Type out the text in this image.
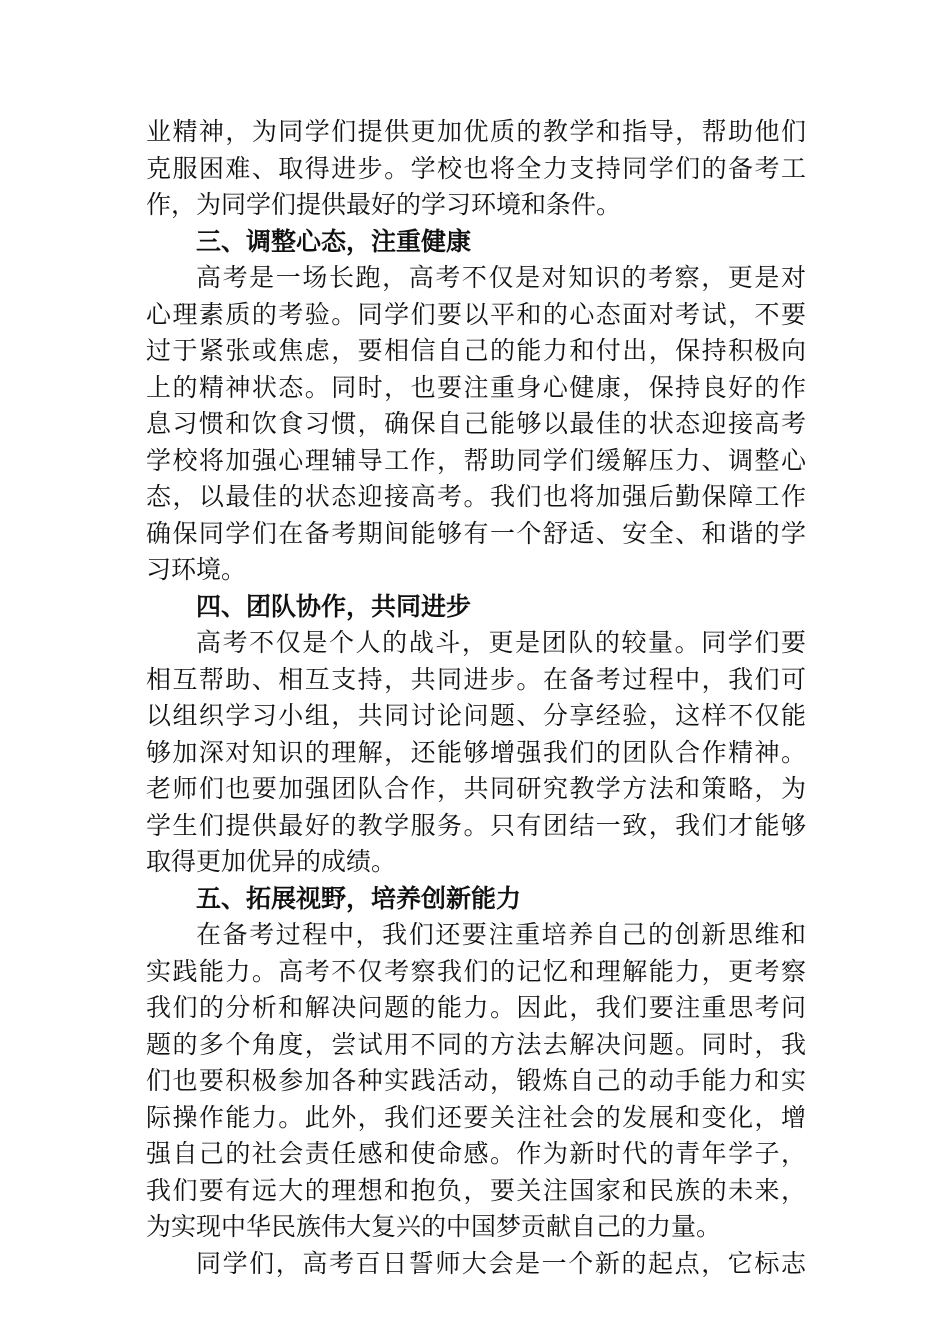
业精神，为同学们提供更加优质的教学和指导，帮助他们
克服困难、取得进步。学校也将全力支持同学们的备考工
作，为同学们提供最好的学习环境和条件。
三、调整心态，注重健康
高考是一场长跑，高考不仅是对知识的考察，更是对
心理素质的考验。同学们要以平和的心态面对考试，不要
过于紧张或焦虑，要相信自己的能力和付出，保持积极向
上的精神状态。同时，也要注重身心健康，保持良好的作
息习惯和饮食习惯，确保自己能够以最佳的状态迎接高考
学校将加强心理辅导工作，帮助同学们缓解压力、调整心
态，以最佳的状态迎接高考。我们也将加强后勤保障工作
确保同学们在备考期间能够有一个舒适、安全、和谐的学
习环境。
四、团队协作，共同进步
高考不仅是个人的战斗，更是团队的较量。同学们要
相互帮助、相互支持，共同进步。在备考过程中，我们可
以组织学习小组，共同讨论问题、分享经验，这样不仅能
够加深对知识的理解，还能够增强我们的团队合作精神。
老师们也要加强团队合作，共同研究教学方法和策略，为
学生们提供最好的教学服务。只有团结一致，我们才能够
取得更加优异的成绩。
五、拓展视野，培养创新能力
在备考过程中，我们还要注重培养自己的创新思维和
实践能力。高考不仅考察我们的记忆和理解能力，更考察
我们的分析和解决问题的能力。因此，我们要注重思考问
题的多个角度，尝试用不同的方法去解决问题。同时，我
们也要积极参加各种实践活动，锻炼自己的动手能力和实
际操作能力。此外，我们还要关注社会的发展和变化，增
强自己的社会责任感和使命感。作为新时代的青年学子，
我们要有远大的理想和抱负，要关注国家和民族的未来，
为实现中华民族伟大复兴的中国梦贡献自己的力量。
同学们，高考百日誓师大会是一个新的起点，它标志
